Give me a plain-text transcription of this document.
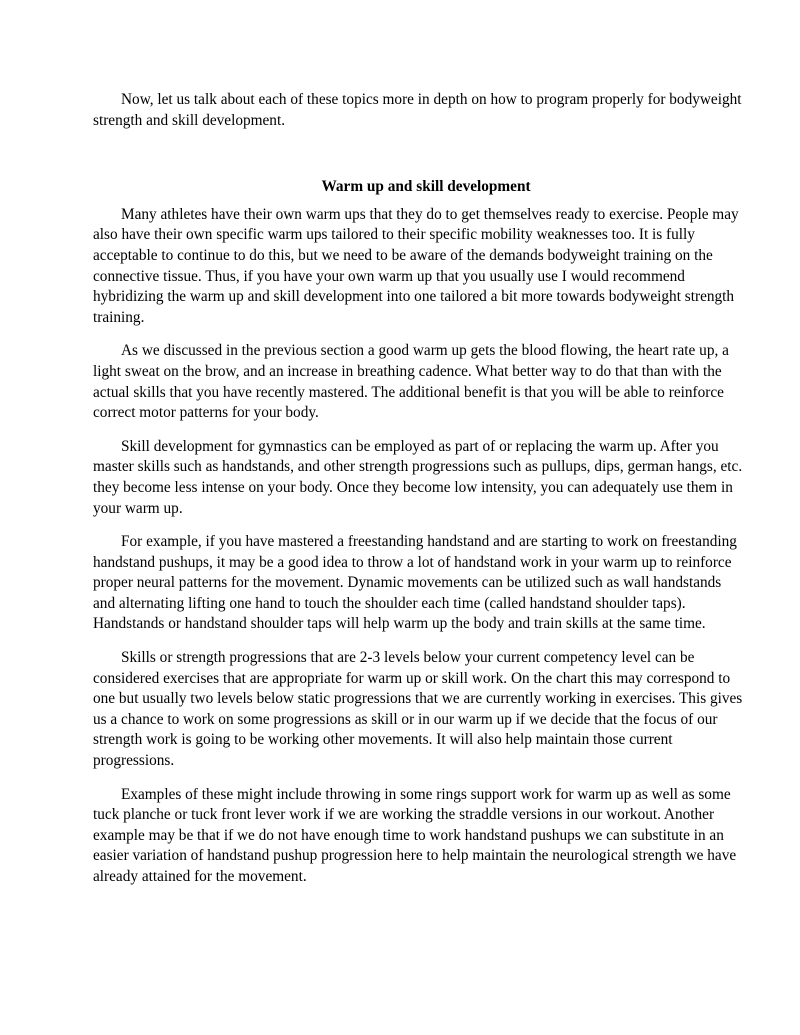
Now, let us talk about each of these topics more in depth on how to program properly for bodyweight
strength and skill development.

Warm up and skill development

Many athletes have their own warm ups that they do to get themselves ready to exercise. People may
also have their own specific warm ups tailored to their specific mobility weaknesses too. It is fully
acceptable to continue to do this, but we need to be aware of the demands bodyweight training on the
connective tissue. Thus, if you have your own warm up that you usually use I would recommend
hybridizing the warm up and skill development into one tailored a bit more towards bodyweight strength
training.

As we discussed in the previous section a good warm up gets the blood flowing, the heart rate up, a
light sweat on the brow, and an increase in breathing cadence. What better way to do that than with the
actual skills that you have recently mastered. The additional benefit is that you will be able to reinforce
correct motor patterns for your body.

Skill development for gymnastics can be employed as part of or replacing the warm up. After you
master skills such as handstands, and other strength progressions such as pullups, dips, german hangs, etc.
they become less intense on your body. Once they become low intensity, you can adequately use them in
your warm up.

For example, if you have mastered a freestanding handstand and are starting to work on freestanding
handstand pushups, it may be a good idea to throw a lot of handstand work in your warm up to reinforce
proper neural patterns for the movement. Dynamic movements can be utilized such as wall handstands
and alternating lifting one hand to touch the shoulder each time (called handstand shoulder taps).
Handstands or handstand shoulder taps will help warm up the body and train skills at the same time.

Skills or strength progressions that are 2-3 levels below your current competency level can be
considered exercises that are appropriate for warm up or skill work. On the chart this may correspond to
one but usually two levels below static progressions that we are currently working in exercises. This gives
us a chance to work on some progressions as skill or in our warm up if we decide that the focus of our
strength work is going to be working other movements. It will also help maintain those current
progressions.

Examples of these might include throwing in some rings support work for warm up as well as some
tuck planche or tuck front lever work if we are working the straddle versions in our workout. Another
example may be that if we do not have enough time to work handstand pushups we can substitute in an
easier variation of handstand pushup progression here to help maintain the neurological strength we have
already attained for the movement.
